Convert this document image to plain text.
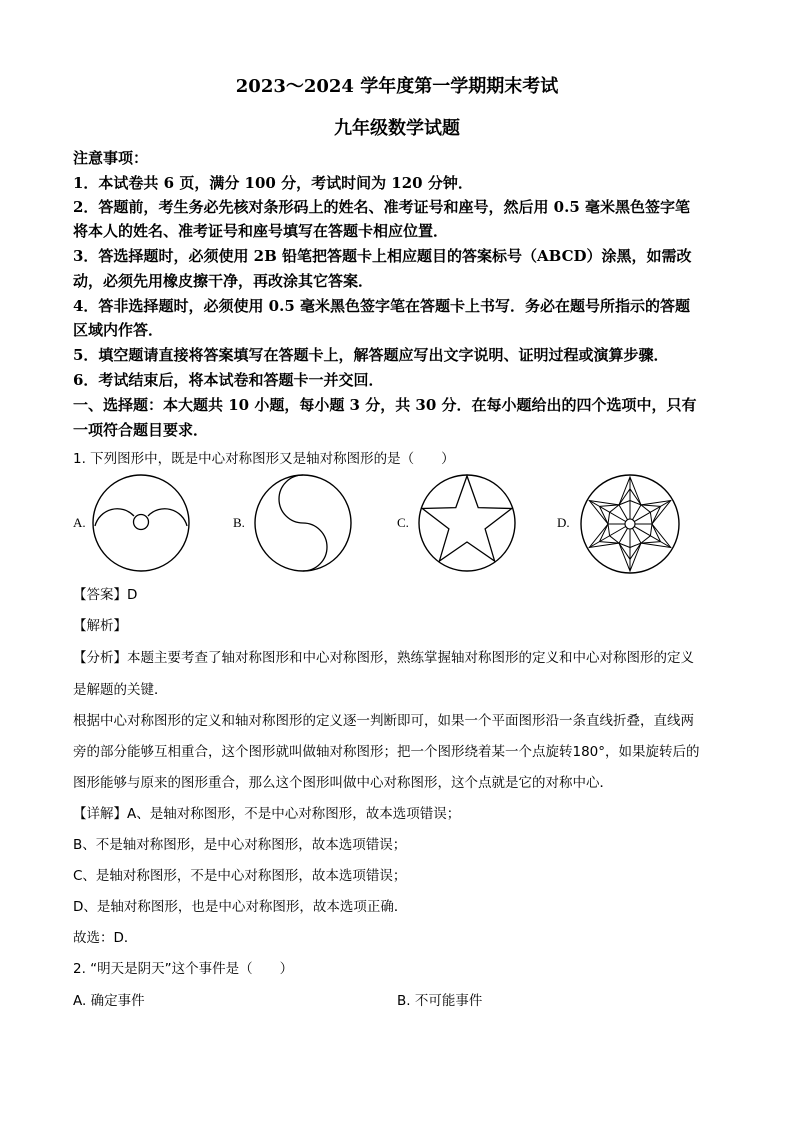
2023～2024 学年度第一学期期末考试
九年级数学试题
注意事项：
1．本试卷共 6 页，满分 100 分，考试时间为 120 分钟．
2．答题前，考生务必先核对条形码上的姓名、准考证号和座号，然后用 0.5 毫米黑色签字笔
将本人的姓名、准考证号和座号填写在答题卡相应位置．
3．答选择题时，必须使用 2B 铅笔把答题卡上相应题目的答案标号（ABCD）涂黑，如需改
动，必须先用橡皮擦干净，再改涂其它答案．
4．答非选择题时，必须使用 0.5 毫米黑色签字笔在答题卡上书写．务必在题号所指示的答题
区域内作答．
5．填空题请直接将答案填写在答题卡上，解答题应写出文字说明、证明过程或演算步骤．
6．考试结束后，将本试卷和答题卡一并交回．
一、选择题：本大题共 10 小题，每小题 3 分，共 30 分．在每小题给出的四个选项中，只有
一项符合题目要求．
1. 下列图形中，既是中心对称图形又是轴对称图形的是（　　）
A.	B.	C.	D.
【答案】D
【解析】
【分析】本题主要考查了轴对称图形和中心对称图形，熟练掌握轴对称图形的定义和中心对称图形的定义
是解题的关键．
根据中心对称图形的定义和轴对称图形的定义逐一判断即可，如果一个平面图形沿一条直线折叠，直线两
旁的部分能够互相重合，这个图形就叫做轴对称图形；把一个图形绕着某一个点旋转180°，如果旋转后的
图形能够与原来的图形重合，那么这个图形叫做中心对称图形，这个点就是它的对称中心．
【详解】A、是轴对称图形，不是中心对称图形，故本选项错误；
B、不是轴对称图形，是中心对称图形，故本选项错误；
C、是轴对称图形，不是中心对称图形，故本选项错误；
D、是轴对称图形，也是中心对称图形，故本选项正确．
故选：D．
2. “明天是阴天”这个事件是（　　）
A. 确定事件	B. 不可能事件
